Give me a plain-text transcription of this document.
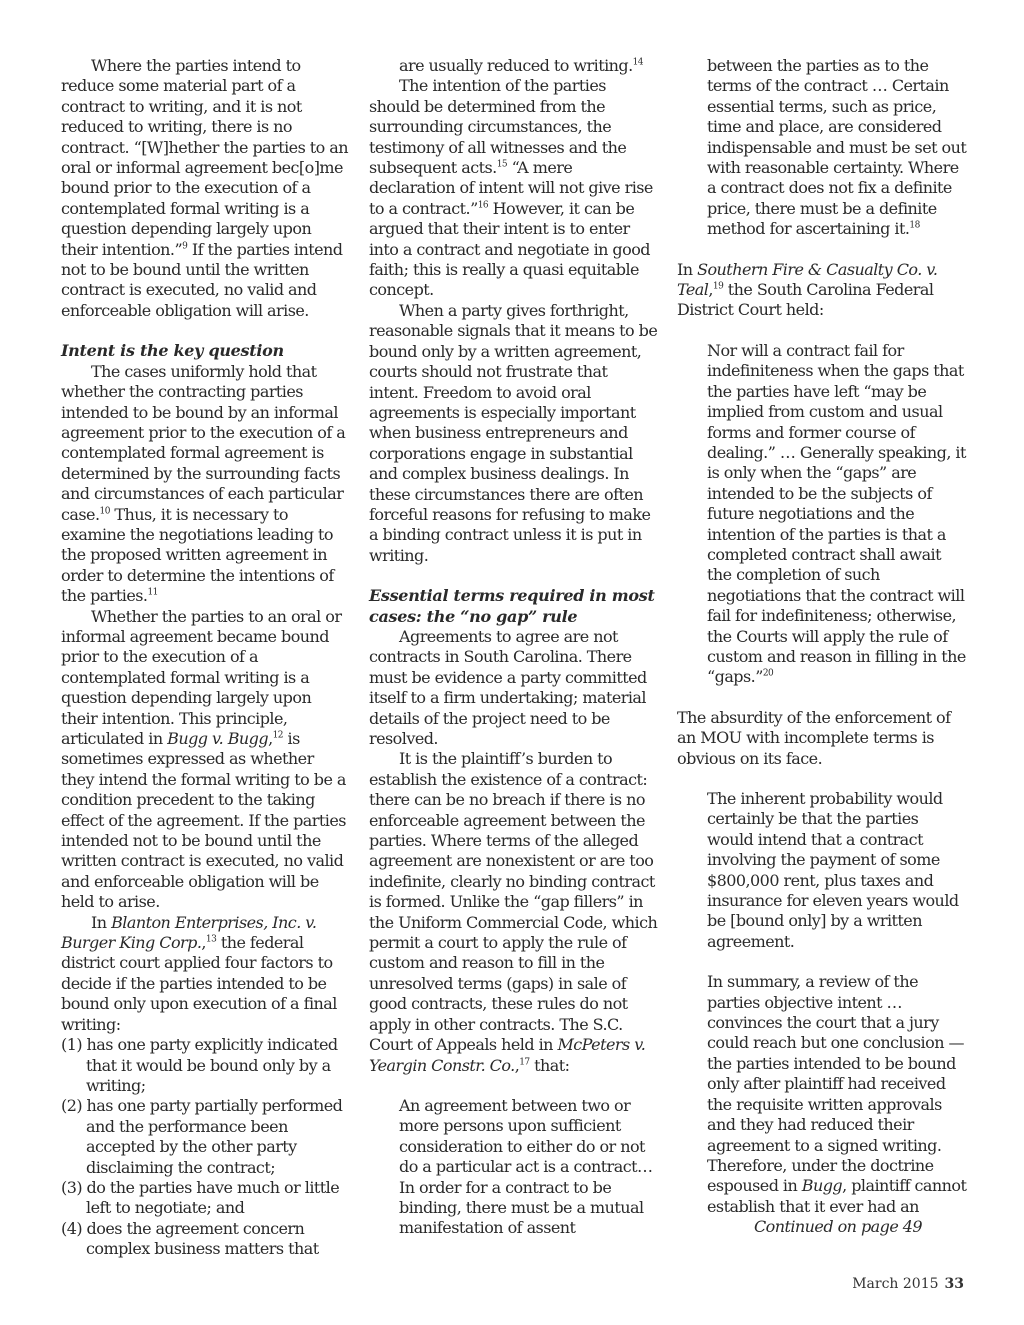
Where the parties intend to reduce some material part of a contract to writing, and it is not reduced to writing, there is no contract. “[W]hether the parties to an oral or informal agreement bec[o]me bound prior to the execution of a contemplated formal writing is a question depending largely upon their intention.”$^9$ If the parties intend not to be bound until the written contract is executed, no valid and enforceable obligation will arise.

Intent is the key question

The cases uniformly hold that whether the contracting parties intended to be bound by an informal agreement prior to the execution of a contemplated formal agreement is determined by the surrounding facts and circumstances of each particular case.$^{10}$ Thus, it is necessary to examine the negotiations leading to the proposed written agreement in order to determine the intentions of the parties.$^{11}$

Whether the parties to an oral or informal agreement became bound prior to the execution of a contemplated formal writing is a question depending largely upon their intention. This principle, articulated in Bugg v. Bugg,$^{12}$ is sometimes expressed as whether they intend the formal writing to be a condition precedent to the taking effect of the agreement. If the parties intended not to be bound until the written contract is executed, no valid and enforceable obligation will be held to arise.

In Blanton Enterprises, Inc. v. Burger King Corp.,$^{13}$ the federal district court applied four factors to decide if the parties intended to be bound only upon execution of a final writing:

(1) has one party explicitly indicated that it would be bound only by a writing;
(2) has one party partially performed and the performance been accepted by the other party disclaiming the contract;
(3) do the parties have much or little left to negotiate; and
(4) does the agreement concern complex business matters that

are usually reduced to writing.$^{14}$

The intention of the parties should be determined from the surrounding circumstances, the testimony of all witnesses and the subsequent acts.$^{15}$ “A mere declaration of intent will not give rise to a contract.”$^{16}$ However, it can be argued that their intent is to enter into a contract and negotiate in good faith; this is really a quasi equitable concept.

When a party gives forthright, reasonable signals that it means to be bound only by a written agreement, courts should not frustrate that intent. Freedom to avoid oral agreements is especially important when business entrepreneurs and corporations engage in substantial and complex business dealings. In these circumstances there are often forceful reasons for refusing to make a binding contract unless it is put in writing.

Essential terms required in most cases: the “no gap” rule

Agreements to agree are not contracts in South Carolina. There must be evidence a party committed itself to a firm undertaking; material details of the project need to be resolved.

It is the plaintiff’s burden to establish the existence of a contract: there can be no breach if there is no enforceable agreement between the parties. Where terms of the alleged agreement are nonexistent or are too indefinite, clearly no binding contract is formed. Unlike the “gap fillers” in the Uniform Commercial Code, which permit a court to apply the rule of custom and reason to fill in the unresolved terms (gaps) in sale of good contracts, these rules do not apply in other contracts. The S.C. Court of Appeals held in McPeters v. Yeargin Constr. Co.,$^{17}$ that:

An agreement between two or more persons upon sufficient consideration to either do or not do a particular act is a contract… In order for a contract to be binding, there must be a mutual manifestation of assent

between the parties as to the terms of the contract … Certain essential terms, such as price, time and place, are considered indispensable and must be set out with reasonable certainty. Where a contract does not fix a definite price, there must be a definite method for ascertaining it.$^{18}$

In Southern Fire & Casualty Co. v. Teal,$^{19}$ the South Carolina Federal District Court held:

Nor will a contract fail for indefiniteness when the gaps that the parties have left “may be implied from custom and usual forms and former course of dealing.” … Generally speaking, it is only when the “gaps” are intended to be the subjects of future negotiations and the intention of the parties is that a completed contract shall await the completion of such negotiations that the contract will fail for indefiniteness; otherwise, the Courts will apply the rule of custom and reason in filling in the “gaps.”$^{20}$

The absurdity of the enforcement of an MOU with incomplete terms is obvious on its face.

The inherent probability would certainly be that the parties would intend that a contract involving the payment of some $800,000 rent, plus taxes and insurance for eleven years would be [bound only] by a written agreement.

In summary, a review of the parties objective intent … convinces the court that a jury could reach but one conclusion — the parties intended to be bound only after plaintiff had received the requisite written approvals and they had reduced their agreement to a signed writing. Therefore, under the doctrine espoused in Bugg, plaintiff cannot establish that it ever had an

Continued on page 49

March 2015 33
